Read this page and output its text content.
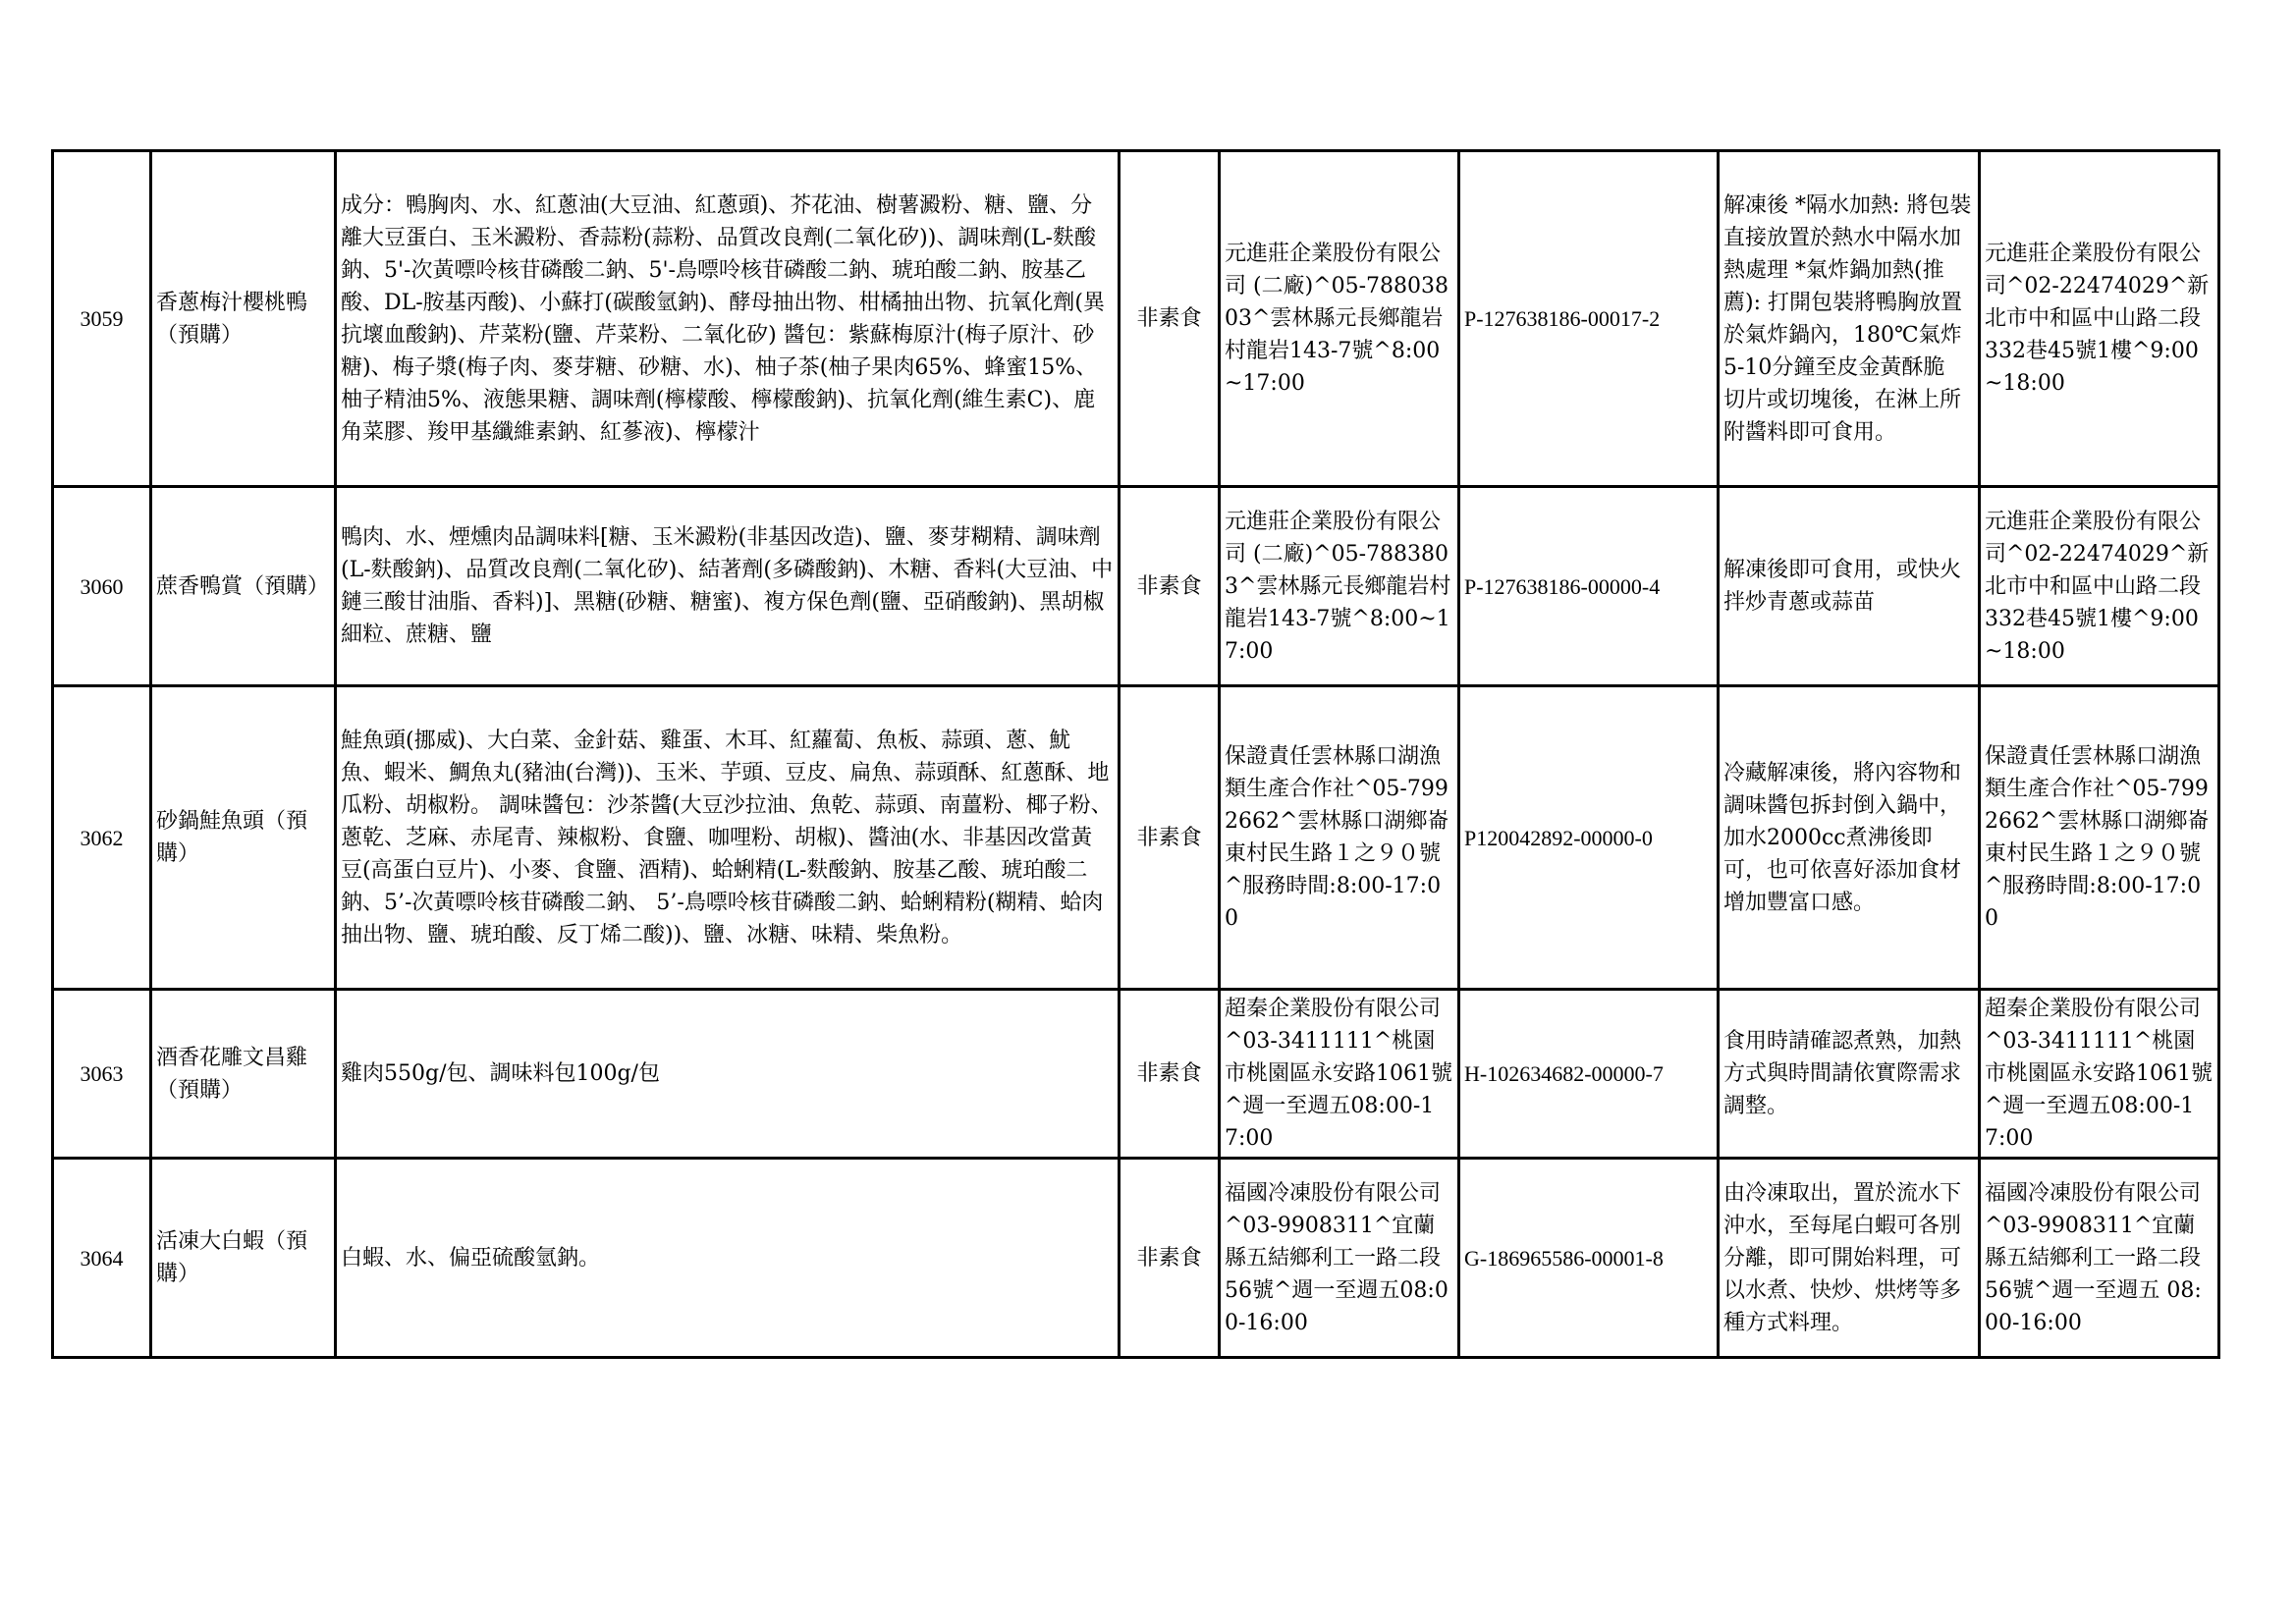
3059	香蔥梅汁櫻桃鴨（預購）	成分：鴨胸肉、水、紅蔥油(大豆油、紅蔥頭)、芥花油、樹薯澱粉、糖、鹽、分離大豆蛋白、玉米澱粉、香蒜粉(蒜粉、品質改良劑(二氧化矽))、調味劑(L-麩酸鈉、5'-次黃嘌呤核苷磷酸二鈉、5'-鳥嘌呤核苷磷酸二鈉、琥珀酸二鈉、胺基乙酸、DL-胺基丙酸)、小蘇打(碳酸氫鈉)、酵母抽出物、柑橘抽出物、抗氧化劑(異抗壞血酸鈉)、芹菜粉(鹽、芹菜粉、二氧化矽) 醬包：紫蘇梅原汁(梅子原汁、砂糖)、梅子漿(梅子肉、麥芽糖、砂糖、水)、柚子茶(柚子果肉65%、蜂蜜15%、柚子精油5%、液態果糖、調味劑(檸檬酸、檸檬酸鈉)、抗氧化劑(維生素C)、鹿角菜膠、羧甲基纖維素鈉、紅蔘液)、檸檬汁	非素食	元進莊企業股份有限公司 (二廠)^05-78803803^雲林縣元長鄉龍岩村龍岩143-7號^8:00~17:00	P-127638186-00017-2	解凍後 *隔水加熱: 將包裝直接放置於熱水中隔水加熱處理 *氣炸鍋加熱(推薦): 打開包裝將鴨胸放置於氣炸鍋內，180℃氣炸5-10分鐘至皮金黃酥脆　切片或切塊後，在淋上所附醬料即可食用。	元進莊企業股份有限公司^02-22474029^新北市中和區中山路二段332巷45號1樓^9:00~18:00
3060	蔗香鴨賞（預購）	鴨肉、水、煙燻肉品調味料[糖、玉米澱粉(非基因改造)、鹽、麥芽糊精、調味劑(L-麩酸鈉)、品質改良劑(二氧化矽)、結著劑(多磷酸鈉)、木糖、香料(大豆油、中鏈三酸甘油脂、香料)]、黑糖(砂糖、糖蜜)、複方保色劑(鹽、亞硝酸鈉)、黑胡椒細粒、蔗糖、鹽	非素食	元進莊企業股份有限公司 (二廠)^05-7883803^雲林縣元長鄉龍岩村龍岩143-7號^8:00~17:00	P-127638186-00000-4	解凍後即可食用，或快火拌炒青蔥或蒜苗	元進莊企業股份有限公司^02-22474029^新北市中和區中山路二段332巷45號1樓^9:00~18:00
3062	砂鍋鮭魚頭（預購）	鮭魚頭(挪威)、大白菜、金針菇、雞蛋、木耳、紅蘿蔔、魚板、蒜頭、蔥、魷魚、蝦米、鯛魚丸(豬油(台灣))、玉米、芋頭、豆皮、扁魚、蒜頭酥、紅蔥酥、地瓜粉、胡椒粉。 調味醬包：沙茶醬(大豆沙拉油、魚乾、蒜頭、南薑粉、椰子粉、蔥乾、芝麻、赤尾青、辣椒粉、食鹽、咖哩粉、胡椒)、醬油(水、非基因改當黃豆(高蛋白豆片)、小麥、食鹽、酒精)、蛤蜊精(L-麩酸鈉、胺基乙酸、琥珀酸二鈉、5’-次黃嘌呤核苷磷酸二鈉、 5’-鳥嘌呤核苷磷酸二鈉、蛤蜊精粉(糊精、蛤肉抽出物、鹽、琥珀酸、反丁烯二酸))、鹽、冰糖、味精、柴魚粉。	非素食	保證責任雲林縣口湖漁類生產合作社^05-7992662^雲林縣口湖鄉崙東村民生路１之９０號^服務時間:8:00-17:00	P120042892-00000-0	冷藏解凍後，將內容物和調味醬包拆封倒入鍋中，加水2000cc煮沸後即可，也可依喜好添加食材增加豐富口感。	保證責任雲林縣口湖漁類生產合作社^05-7992662^雲林縣口湖鄉崙東村民生路１之９０號^服務時間:8:00-17:00
3063	酒香花雕文昌雞（預購）	雞肉550g/包、調味料包100g/包	非素食	超秦企業股份有限公司^03-3411111^桃園市桃園區永安路1061號^週一至週五08:00-17:00	H-102634682-00000-7	食用時請確認煮熟，加熱方式與時間請依實際需求調整。	超秦企業股份有限公司^03-3411111^桃園市桃園區永安路1061號^週一至週五08:00-17:00
3064	活凍大白蝦（預購）	白蝦、水、偏亞硫酸氫鈉。	非素食	福國冷凍股份有限公司^03-9908311^宜蘭縣五結鄉利工一路二段56號^週一至週五08:00-16:00	G-186965586-00001-8	由冷凍取出，置於流水下沖水，至每尾白蝦可各別分離，即可開始料理，可以水煮、快炒、烘烤等多種方式料理。	福國冷凍股份有限公司^03-9908311^宜蘭縣五結鄉利工一路二段56號^週一至週五 08:00-16:00
